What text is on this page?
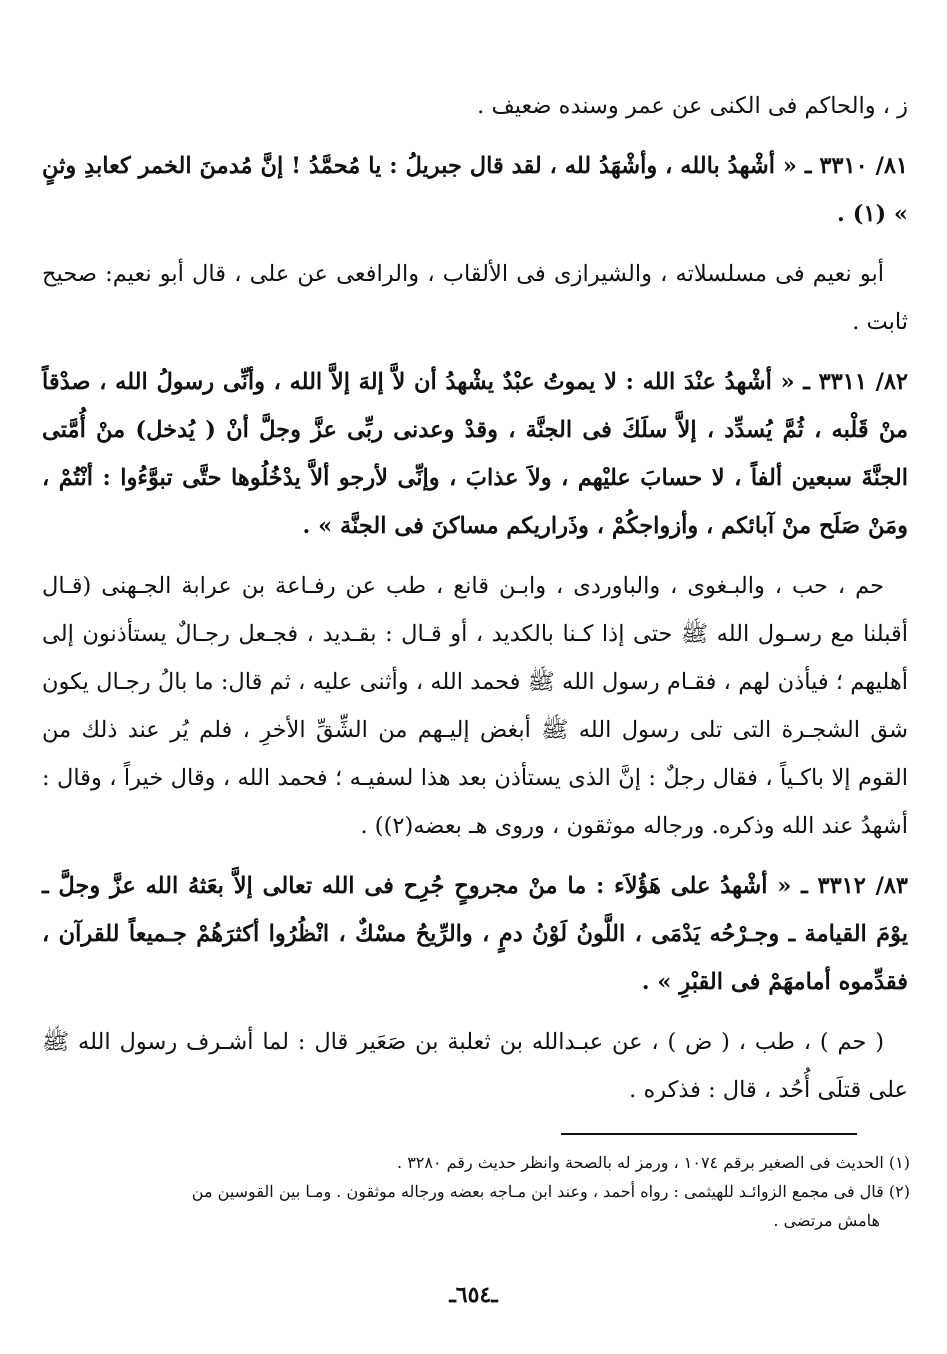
ز ، والحاكم فى الكنى عن عمر وسنده ضعيف .

٨١/ ٣٣١٠ ـ « أشْهدُ بالله ، وأشْهَدُ لله ، لقد قال جبريلُ : يا مُحمَّدُ ! إنَّ مُدمنَ الخمر كعابدِ وثنٍ » (١) .

أبو نعيم فى مسلسلاته ، والشيرازى فى الألقاب ، والرافعى عن على ، قال أبو نعيم: صحيح ثابت .

٨٢/ ٣٣١١ ـ « أشْهدُ عنْدَ الله : لا يموتُ عبْدٌ يشْهدُ أن لاَّ إلهَ إلاَّ الله ، وأنِّى رسولُ الله ، صدْقاً منْ قَلْبه ، ثُمَّ يُسدِّد ، إلاَّ سلَكَ فى الجنَّة ، وقدْ وعدنى ربِّى عزَّ وجلَّ أنْ ( يُدخل) منْ أُمَّتى الجنَّةَ سبعين ألفاً ، لا حسابَ عليْهم ، ولاَ عذابَ ، وإنِّى لأرجو ألاَّ يدْخُلُوها حتَّى تبوَّءُوا : أنْتُمْ ، ومَنْ صَلَح منْ آبائكم ، وأزواجكُمْ ، وذَراريكم مساكنَ فى الجنَّة » .

حم ، حب ، والبـغوى ، والباوردى ، وابـن قانع ، طب عن رفـاعة بن عرابة الجـهنى (قـال أقبلنا مع رسـول الله ﷺ حتى إذا كـنا بالكديد ، أو قـال : بقـديد ، فجـعل رجـالٌ يستأذنون إلى أهليهم ؛ فيأذن لهم ، فقـام رسول الله ﷺ فحمد الله ، وأثنى عليه ، ثم قال: ما بالُ رجـال يكون شق الشجـرة التى تلى رسول الله ﷺ أبغض إليـهم من الشِّقِّ الأخرِ ، فلم يُر عند ذلك من القوم إلا باكـياً ، فقال رجلٌ : إنَّ الذى يستأذن بعد هذا لسفيـه ؛ فحمد الله ، وقال خيراً ، وقال : أشهدُ عند الله وذكره. ورجاله موثقون ، وروى هـ بعضه(٢)) .

٨٣/ ٣٣١٢ ـ « أشْهدُ على هَؤُلاَء : ما منْ مجروحٍ جُرِح فى الله تعالى إلاَّ بعَثهُ الله عزَّ وجلَّ ـ يوْمَ القيامة ـ وجـرْحُه يَدْمَى ، اللَّونُ لَوْنُ دمٍ ، والرِّيحُ مسْكٌ ، انْظُرُوا أكثرَهُمْ جـميعاً للقرآن ، فقدِّموه أمامهَمْ فى القبْرِ » .

( حم ) ، طب ، ( ض ) ، عن عبـدالله بن ثعلبة بن صَعَير قال : لما أشـرف رسول الله ﷺ على قتلَى أُحُد ، قال : فذكره .

(١) الحديث فى الصغير برقم ١٠٧٤ ، ورمز له بالصحة وانظر حديث رقم ٣٢٨٠ .

(٢) قال فى مجمع الزوائـد للهيثمى : رواه أحمد ، وعند ابن مـاجه بعضه ورجاله موثقون . ومـا بين القوسين من

هامش مرتضى .

ـ٦٥٤ـ
